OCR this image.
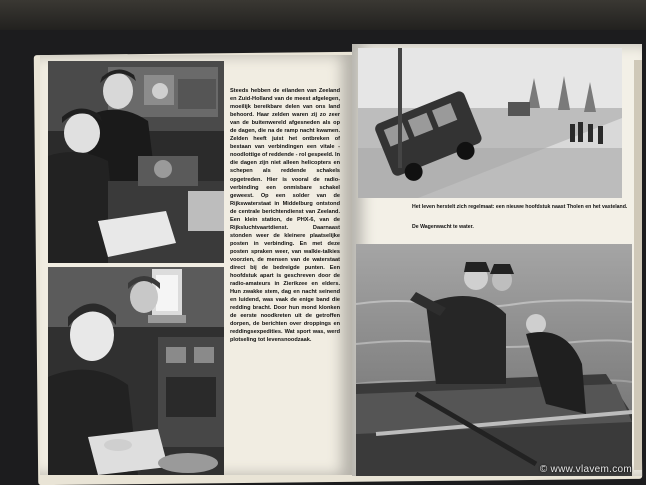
Steeds hebben de eilanden van Zeeland en Zuid-Holland van de meest afgelegen, moeilijk bereikbare delen van ons land behoord. Haar zelden waren zij zo zeer van de buitenwereld afgesneden als op de dagen, die na de ramp nacht kwamen. Zelden heeft juist het ontbreken of bestaan van verbindingen een vitale - noodlottige of reddende - rol gespeeld. In die dagen zijn niet alleen helicopters en schepen als reddende schakels opgetreden. Hier is vooral de radio-verbinding een onmisbare schakel geweest. Op een solder van de Rijkswaterstaat in Middelburg ontstond de centrale berichtendienst van Zeeland. Een klein station, de PHX-6, van de Rijksluchtvaartdienst. Daarnaast stonden weer de kleinere plaatselijke posten in verbinding. En met deze posten spraken weer, van walkie-talkies voorzien, de mensen van de waterstaat direct bij de bedreigde punten. Een hoofdstuk apart is geschreven door de radio-amateurs in Zierikzee en elders. Hun zwakke stem, dag en nacht seinend en luidend, was vaak de enige band die redding bracht. Door hun mond klonken de eerste noodkreten uit de getroffen dorpen, de berichten over droppings en reddingsexpedities. Wat sport was, werd plotseling tot levensnoodzaak.
Het leven herstelt zich regelmaat: een nieuwe hoofdstuk naast Tholen en het vasteland.
De Wagenwacht te water.
© www.vlavem.com
